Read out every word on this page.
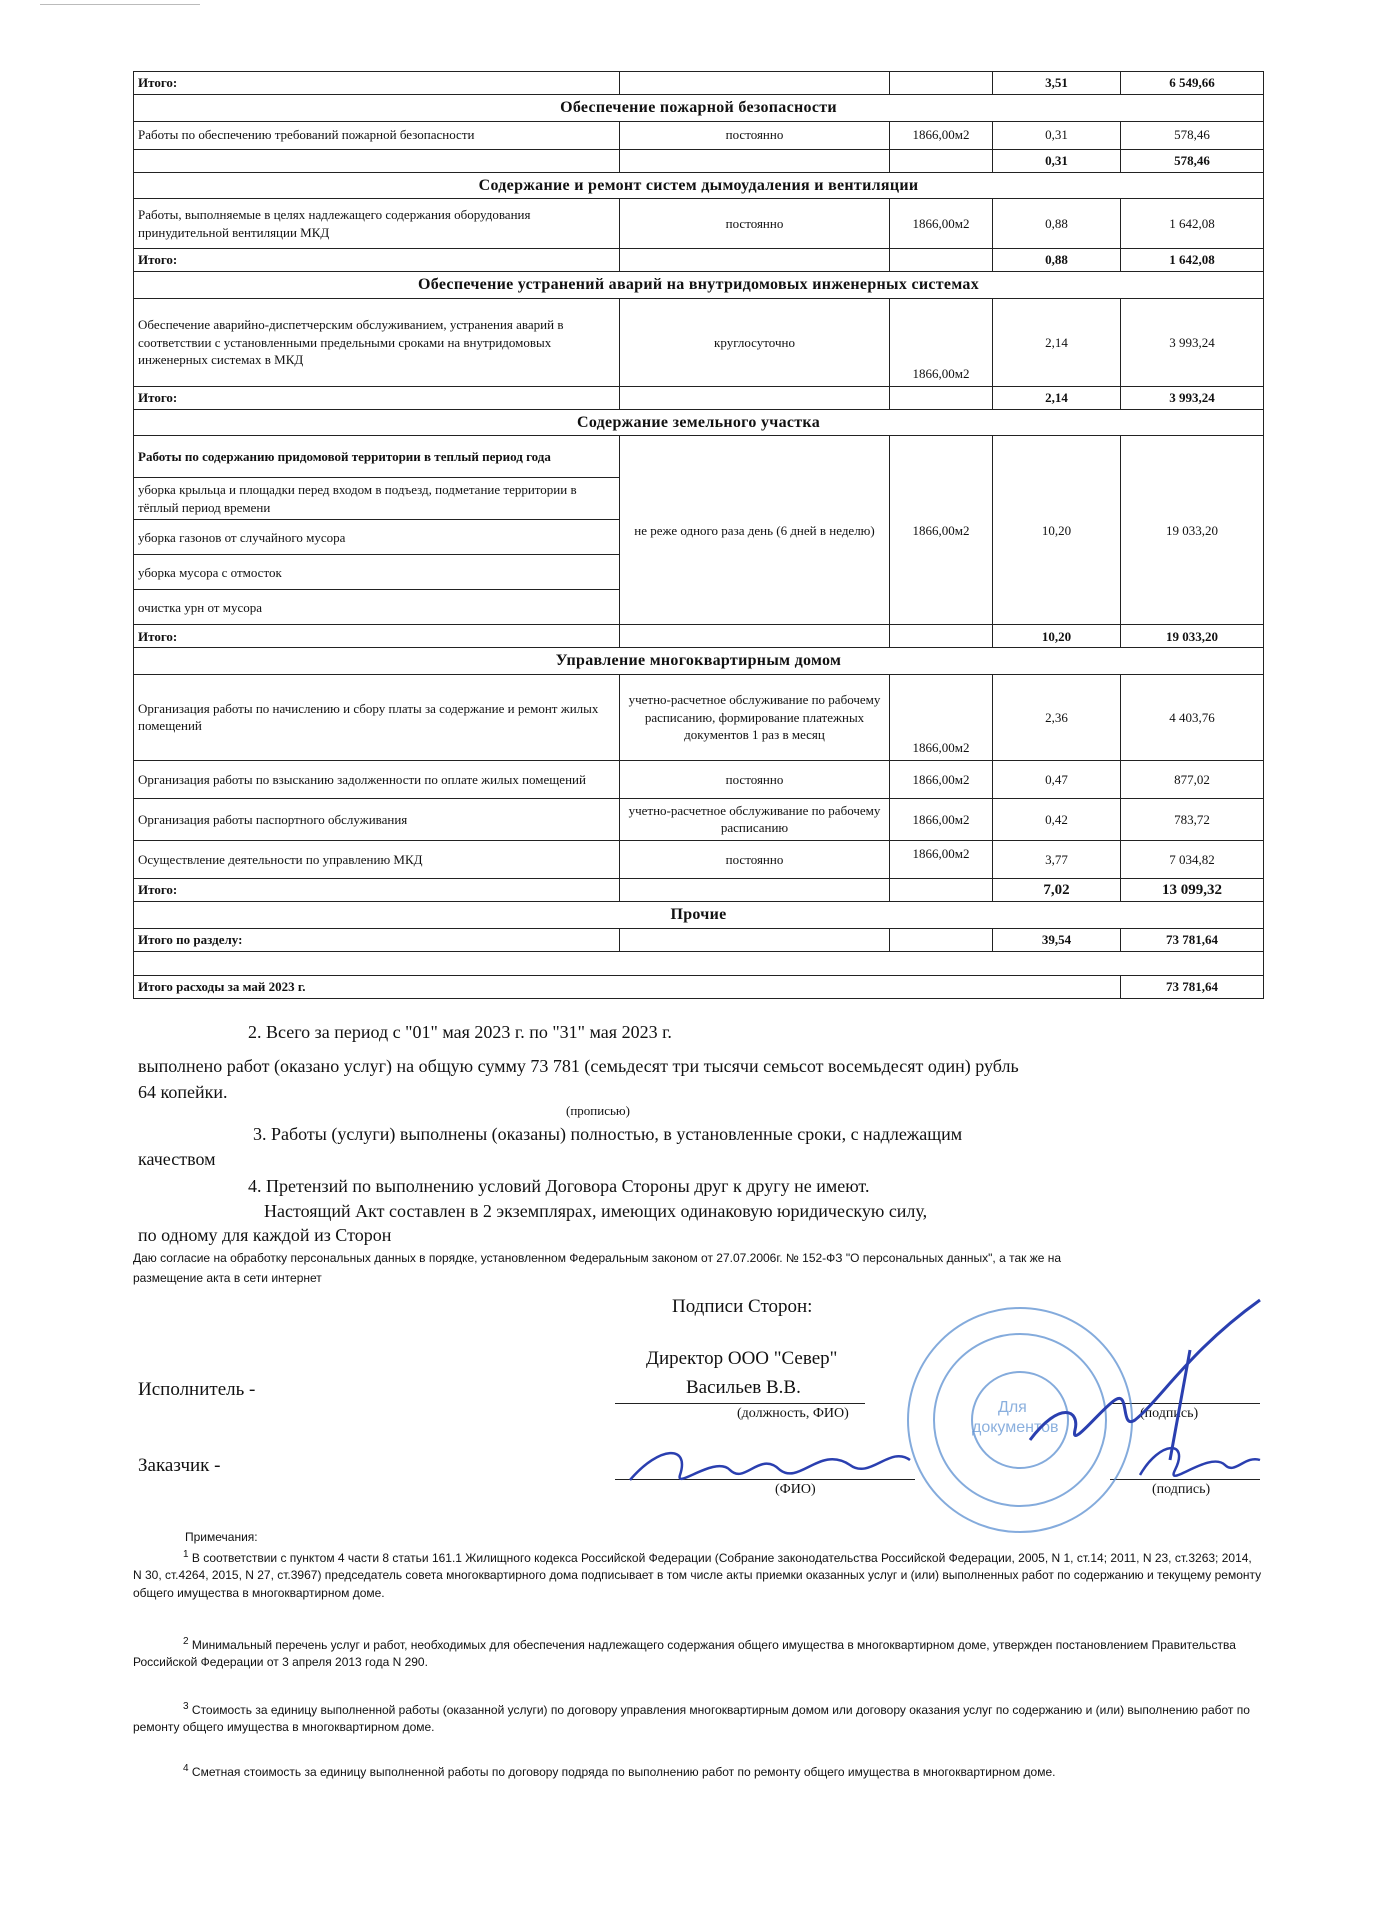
Итого:			3,51	6 549,66
Обеспечение пожарной безопасности				
Работы по обеспечению требований пожарной безопасности	постоянно	1866,00м2	0,31	578,46
			0,31	578,46
Содержание и ремонт систем дымоудаления и вентиляции				
Работы, выполняемые в целях надлежащего содержания оборудования принудительной вентиляции МКД	постоянно	1866,00м2	0,88	1 642,08
Итого:			0,88	1 642,08
Обеспечение устранений аварий на внутридомовых инженерных системах				
Обеспечение аварийно-диспетчерским обслуживанием, устранения аварий в соответствии с установленными предельными сроками на внутридомовых инженерных системах в МКД	круглосуточно	1866,00м2	2,14	3 993,24
Итого:			2,14	3 993,24
Содержание земельного участка				
Работы по содержанию придомовой территории в теплый период года	не реже одного раза день (6 дней в неделю)	1866,00м2	10,20	19 033,20
уборка крыльца и площадки перед входом в подъезд, подметание территории в тёплый период времени				
уборка газонов от случайного мусора				
уборка мусора с отмосток				
очистка урн от мусора				
Итого:			10,20	19 033,20
Управление многоквартирным домом				
Организация работы по начислению и сбору платы за содержание и ремонт жилых помещений	учетно-расчетное обслуживание по рабочему расписанию, формирование платежных документов 1 раз в месяц	1866,00м2	2,36	4 403,76
Организация работы по взысканию задолженности по оплате жилых помещений	постоянно	1866,00м2	0,47	877,02
Организация работы паспортного обслуживания	учетно-расчетное обслуживание по рабочему расписанию	1866,00м2	0,42	783,72
Осуществление деятельности по управлению МКД	постоянно	1866,00м2	3,77	7 034,82
Итого:			7,02	13 099,32
Прочие				
Итого по разделу:			39,54	73 781,64

Итого расходы за май 2023 г.				73 781,64
2. Всего за период с "01" мая 2023 г. по "31" мая 2023 г.
выполнено работ (оказано услуг) на общую сумму 73 781 (семьдесят три тысячи семьсот восемьдесят один) рубль
64 копейки.
(прописью)
3. Работы (услуги) выполнены (оказаны) полностью, в установленные сроки, с надлежащим
качеством
4. Претензий по выполнению условий Договора Стороны друг к другу не имеют.
Настоящий Акт составлен в 2 экземплярах, имеющих одинаковую юридическую силу,
по одному для каждой из Сторон
Даю согласие на обработку персональных данных в порядке, установленном Федеральным законом от 27.07.2006г. № 152-ФЗ "О персональных данных", а так же на
размещение акта в сети интернет
Подписи Сторон:
Директор ООО "Север"
Исполнитель -	Васильев В.В.
(должность, ФИО)	(подпись)
Заказчик -
(ФИО)	(подпись)
Для
документов
Примечания:
$^1$ В соответствии с пунктом 4 части 8 статьи 161.1 Жилищного кодекса Российской Федерации (Собрание законодательства Российской Федерации, 2005, N 1, ст.14; 2011, N 23, ст.3263; 2014, N 30, ст.4264, 2015, N 27, ст.3967) председатель совета многоквартирного дома подписывает в том числе акты приемки оказанных услуг и (или) выполненных работ по содержанию и текущему ремонту общего имущества в многоквартирном доме.
$^2$ Минимальный перечень услуг и работ, необходимых для обеспечения надлежащего содержания общего имущества в многоквартирном доме, утвержден постановлением Правительства Российской Федерации от 3 апреля 2013 года N 290.
$^3$ Стоимость за единицу выполненной работы (оказанной услуги) по договору управления многоквартирным домом или договору оказания услуг по содержанию и (или) выполнению работ по ремонту общего имущества в многоквартирном доме.
$^4$ Сметная стоимость за единицу выполненной работы по договору подряда по выполнению работ по ремонту общего имущества в многоквартирном доме.
